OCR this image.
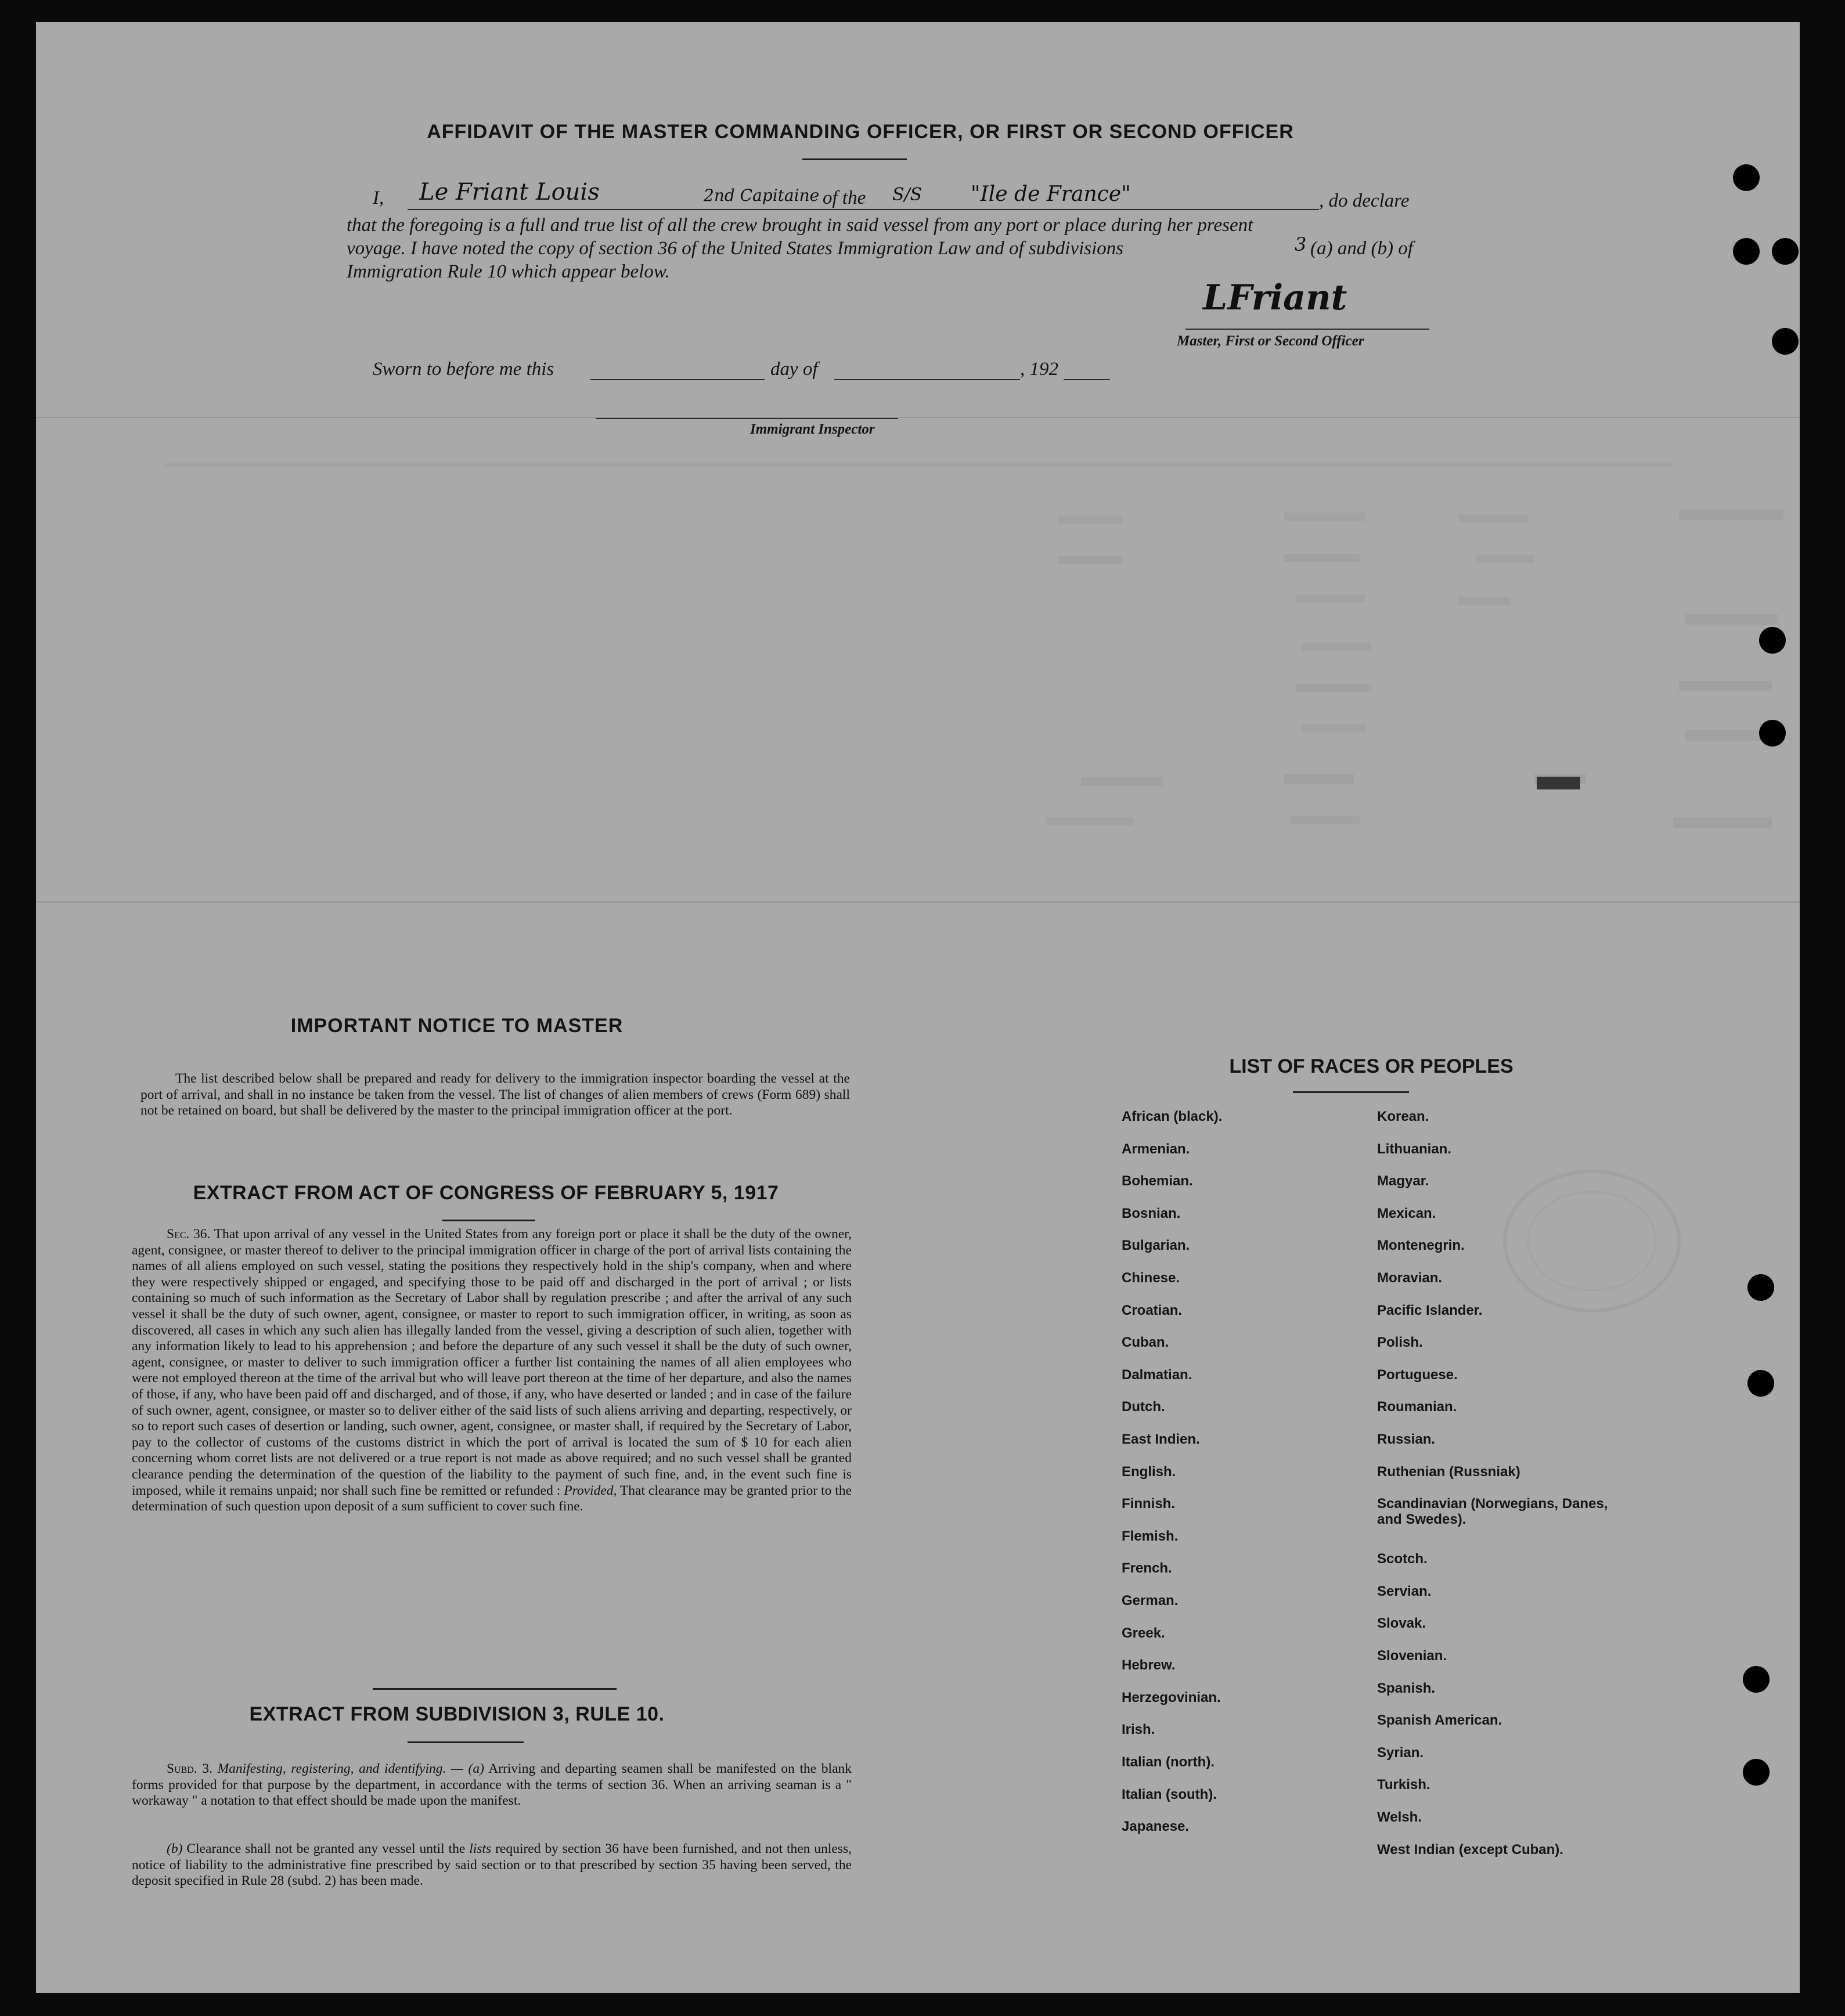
AFFIDAVIT OF THE MASTER COMMANDING OFFICER, OR FIRST OR SECOND OFFICER
I, Le Friant Louis	2nd Capitaine of the S/S "Ile de France"	, do declare
that the foregoing is a full and true list of all the crew brought in said vessel from any port or place during her present
voyage. I have noted the copy of section 36 of the United States Immigration Law and of subdivisions	3 (a) and (b) of
Immigration Rule 10 which appear below.
LFriant
Master, First or Second Officer
Sworn to before me this	day of	, 192
Immigrant Inspector
IMPORTANT NOTICE TO MASTER
The list described below shall be prepared and ready for delivery to the immigration inspector boarding the vessel at the port of arrival, and shall in no instance be taken from the vessel. The list of changes of alien members of crews (Form 689) shall not be retained on board, but shall be delivered by the master to the principal immigration officer at the port.
EXTRACT FROM ACT OF CONGRESS OF FEBRUARY 5, 1917
Sec. 36. That upon arrival of any vessel in the United States from any foreign port or place it shall be the duty of the owner, agent, consignee, or master thereof to deliver to the principal immigration officer in charge of the port of arrival lists containing the names of all aliens employed on such vessel, stating the positions they respectively hold in the ship's company, when and where they were respectively shipped or engaged, and specifying those to be paid off and discharged in the port of arrival ; or lists containing so much of such information as the Secretary of Labor shall by regulation prescribe ; and after the arrival of any such vessel it shall be the duty of such owner, agent, consignee, or master to report to such immigration officer, in writing, as soon as discovered, all cases in which any such alien has illegally landed from the vessel, giving a description of such alien, together with any information likely to lead to his apprehension ; and before the departure of any such vessel it shall be the duty of such owner, agent, consignee, or master to deliver to such immigration officer a further list containing the names of all alien employees who were not employed thereon at the time of the arrival but who will leave port thereon at the time of her departure, and also the names of those, if any, who have been paid off and discharged, and of those, if any, who have deserted or landed ; and in case of the failure of such owner, agent, consignee, or master so to deliver either of the said lists of such aliens arriving and departing, respectively, or so to report such cases of desertion or landing, such owner, agent, consignee, or master shall, if required by the Secretary of Labor, pay to the collector of customs of the customs district in which the port of arrival is located the sum of $ 10 for each alien concerning whom corret lists are not delivered or a true report is not made as above required; and no such vessel shall be granted clearance pending the determination of the question of the liability to the payment of such fine, and, in the event such fine is imposed, while it remains unpaid; nor shall such fine be remitted or refunded : Provided, That clearance may be granted prior to the determination of such question upon deposit of a sum sufficient to cover such fine.
EXTRACT FROM SUBDIVISION 3, RULE 10.
Subd. 3. Manifesting, registering, and identifying. — (a) Arriving and departing seamen shall be manifested on the blank forms provided for that purpose by the department, in accordance with the terms of section 36. When an arriving seaman is a " workaway " a notation to that effect should be made upon the manifest.
(b) Clearance shall not be granted any vessel until the lists required by section 36 have been furnished, and not then unless, notice of liability to the administrative fine prescribed by said section or to that prescribed by section 35 having been served, the deposit specified in Rule 28 (subd. 2) has been made.
LIST OF RACES OR PEOPLES
African (black).
Armenian.
Bohemian.
Bosnian.
Bulgarian.
Chinese.
Croatian.
Cuban.
Dalmatian.
Dutch.
East Indien.
English.
Finnish.
Flemish.
French.
German.
Greek.
Hebrew.
Herzegovinian.
Irish.
Italian (north).
Italian (south).
Japanese.
Korean.
Lithuanian.
Magyar.
Mexican.
Montenegrin.
Moravian.
Pacific Islander.
Polish.
Portuguese.
Roumanian.
Russian.
Ruthenian (Russniak)
Scandinavian (Norwegians, Danes, and Swedes).
Scotch.
Servian.
Slovak.
Slovenian.
Spanish.
Spanish American.
Syrian.
Turkish.
Welsh.
West Indian (except Cuban).
